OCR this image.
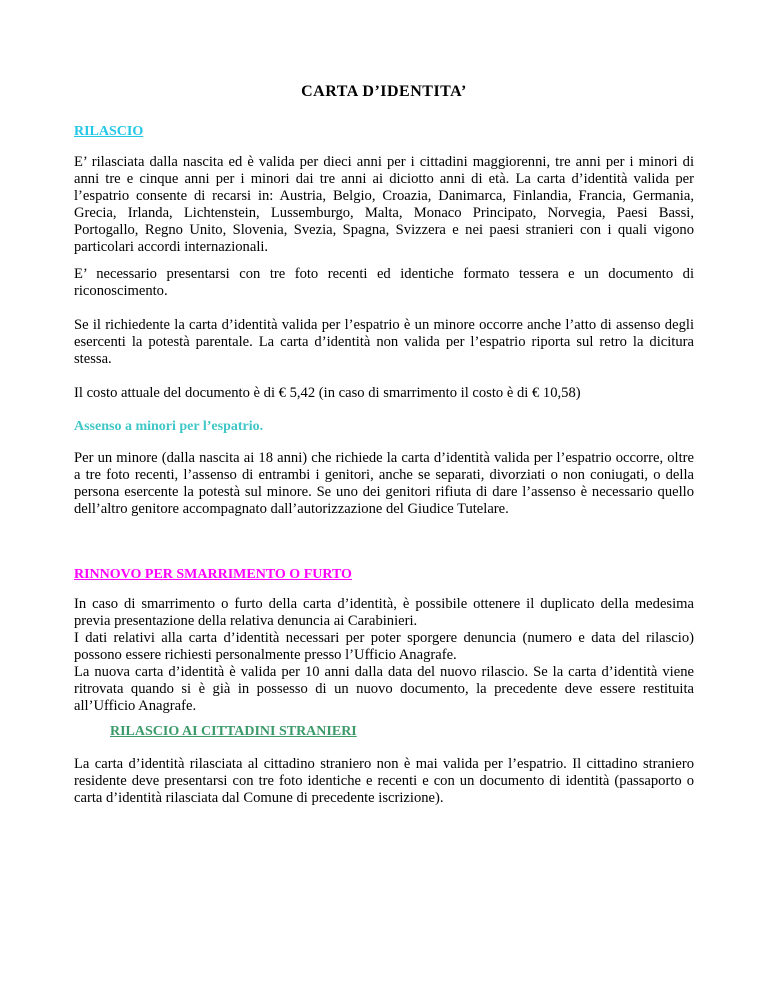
CARTA D’IDENTITA’
RILASCIO

E’ rilasciata dalla nascita ed è valida per dieci anni per i cittadini maggiorenni, tre anni per i minori di anni tre e cinque anni per i minori dai tre anni ai diciotto anni di età. La carta d’identità valida per l’espatrio consente di recarsi in: Austria, Belgio, Croazia, Danimarca, Finlandia, Francia, Germania, Grecia, Irlanda, Lichtenstein, Lussemburgo, Malta, Monaco Principato, Norvegia, Paesi Bassi, Portogallo, Regno Unito, Slovenia, Svezia, Spagna, Svizzera e nei paesi stranieri con i quali vigono particolari accordi internazionali.

E’ necessario presentarsi con tre foto recenti ed identiche formato tessera e un documento di riconoscimento.

Se il richiedente la carta d’identità valida per l’espatrio è un minore occorre anche l’atto di assenso degli esercenti la potestà parentale. La carta d’identità non valida per l’espatrio riporta sul retro la dicitura stessa.

Il costo attuale del documento è di € 5,42 (in caso di smarrimento il costo è di € 10,58)

Assenso a minori per l’espatrio.

Per un minore (dalla nascita ai 18 anni) che richiede la carta d’identità valida per l’espatrio occorre, oltre a tre foto recenti, l’assenso di entrambi i genitori, anche se separati, divorziati o non coniugati, o della persona esercente la potestà sul minore. Se uno dei genitori rifiuta di dare l’assenso è necessario quello dell’altro genitore accompagnato dall’autorizzazione del Giudice Tutelare.

RINNOVO PER SMARRIMENTO O FURTO

In caso di smarrimento o furto della carta d’identità, è possibile ottenere il duplicato della medesima previa presentazione della relativa denuncia ai Carabinieri.

I dati relativi alla carta d’identità necessari per poter sporgere denuncia (numero e data del rilascio) possono essere richiesti personalmente presso l’Ufficio Anagrafe.

La nuova carta d’identità è valida per 10 anni dalla data del nuovo rilascio. Se la carta d’identità viene ritrovata quando si è già in possesso di un nuovo documento, la precedente deve essere restituita all’Ufficio Anagrafe.

RILASCIO AI CITTADINI STRANIERI

La carta d’identità rilasciata al cittadino straniero non è mai valida per l’espatrio. Il cittadino straniero residente deve presentarsi con tre foto identiche e recenti e con un documento di identità (passaporto o carta d’identità rilasciata dal Comune di precedente iscrizione).
